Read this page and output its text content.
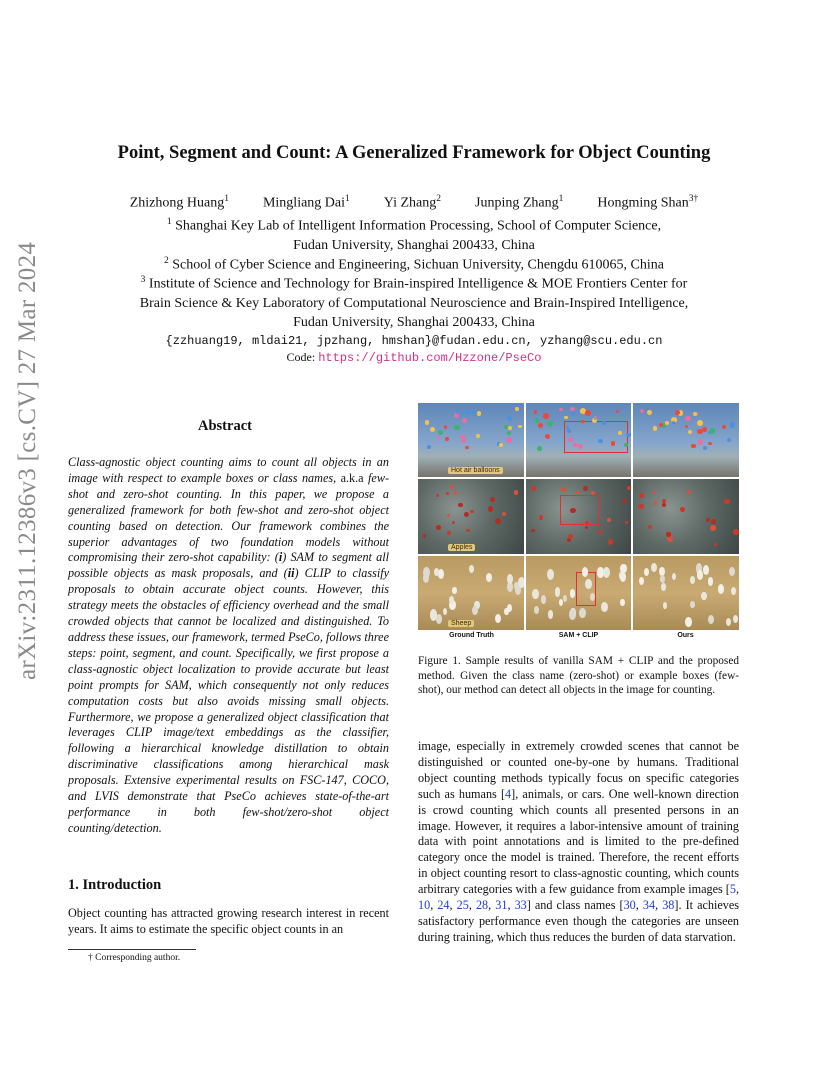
arXiv:2311.12386v3 [cs.CV] 27 Mar 2024
Point, Segment and Count: A Generalized Framework for Object Counting
Zhizhong Huang$^1$ Mingliang Dai$^1$ Yi Zhang$^2$ Junping Zhang$^1$ Hongming Shan$^{3\dagger}$
$^1$ Shanghai Key Lab of Intelligent Information Processing, School of Computer Science,
Fudan University, Shanghai 200433, China
$^2$ School of Cyber Science and Engineering, Sichuan University, Chengdu 610065, China
$^3$ Institute of Science and Technology for Brain-inspired Intelligence & MOE Frontiers Center for
Brain Science & Key Laboratory of Computational Neuroscience and Brain-Inspired Intelligence,
Fudan University, Shanghai 200433, China
{zzhuang19, mldai21, jpzhang, hmshan}@fudan.edu.cn, yzhang@scu.edu.cn
Code: https://github.com/Hzzone/PseCo
Abstract
Class-agnostic object counting aims to count all objects in an image with respect to example boxes or class names, a.k.a few-shot and zero-shot counting. In this paper, we propose a generalized framework for both few-shot and zero-shot object counting based on detection. Our framework combines the superior advantages of two foundation models without compromising their zero-shot capability: (i) SAM to segment all possible objects as mask proposals, and (ii) CLIP to classify proposals to obtain accurate object counts. However, this strategy meets the obstacles of efficiency overhead and the small crowded objects that cannot be localized and distinguished. To address these issues, our framework, termed PseCo, follows three steps: point, segment, and count. Specifically, we first propose a class-agnostic object localization to provide accurate but least point prompts for SAM, which consequently not only reduces computation costs but also avoids missing small objects. Furthermore, we propose a generalized object classification that leverages CLIP image/text embeddings as the classifier, following a hierarchical knowledge distillation to obtain discriminative classifications among hierarchical mask proposals. Extensive experimental results on FSC-147, COCO, and LVIS demonstrate that PseCo achieves state-of-the-art performance in both few-shot/zero-shot object counting/detection.
1. Introduction
Object counting has attracted growing research interest in recent years. It aims to estimate the specific object counts in an
† Corresponding author.
Hot air balloons
Apples
Sheep
Ground Truth	SAM + CLIP	Ours
Figure 1. Sample results of vanilla SAM + CLIP and the proposed method. Given the class name (zero-shot) or example boxes (few-shot), our method can detect all objects in the image for counting.
image, especially in extremely crowded scenes that cannot be distinguished or counted one-by-one by humans. Traditional object counting methods typically focus on specific categories such as humans [4], animals, or cars. One well-known direction is crowd counting which counts all presented persons in an image. However, it requires a labor-intensive amount of training data with point annotations and is limited to the pre-defined category once the model is trained. Therefore, the recent efforts in object counting resort to class-agnostic counting, which counts arbitrary categories with a few guidance from example images [5, 10, 24, 25, 28, 31, 33] and class names [30, 34, 38]. It achieves satisfactory performance even though the categories are unseen during training, which thus reduces the burden of data starvation.
